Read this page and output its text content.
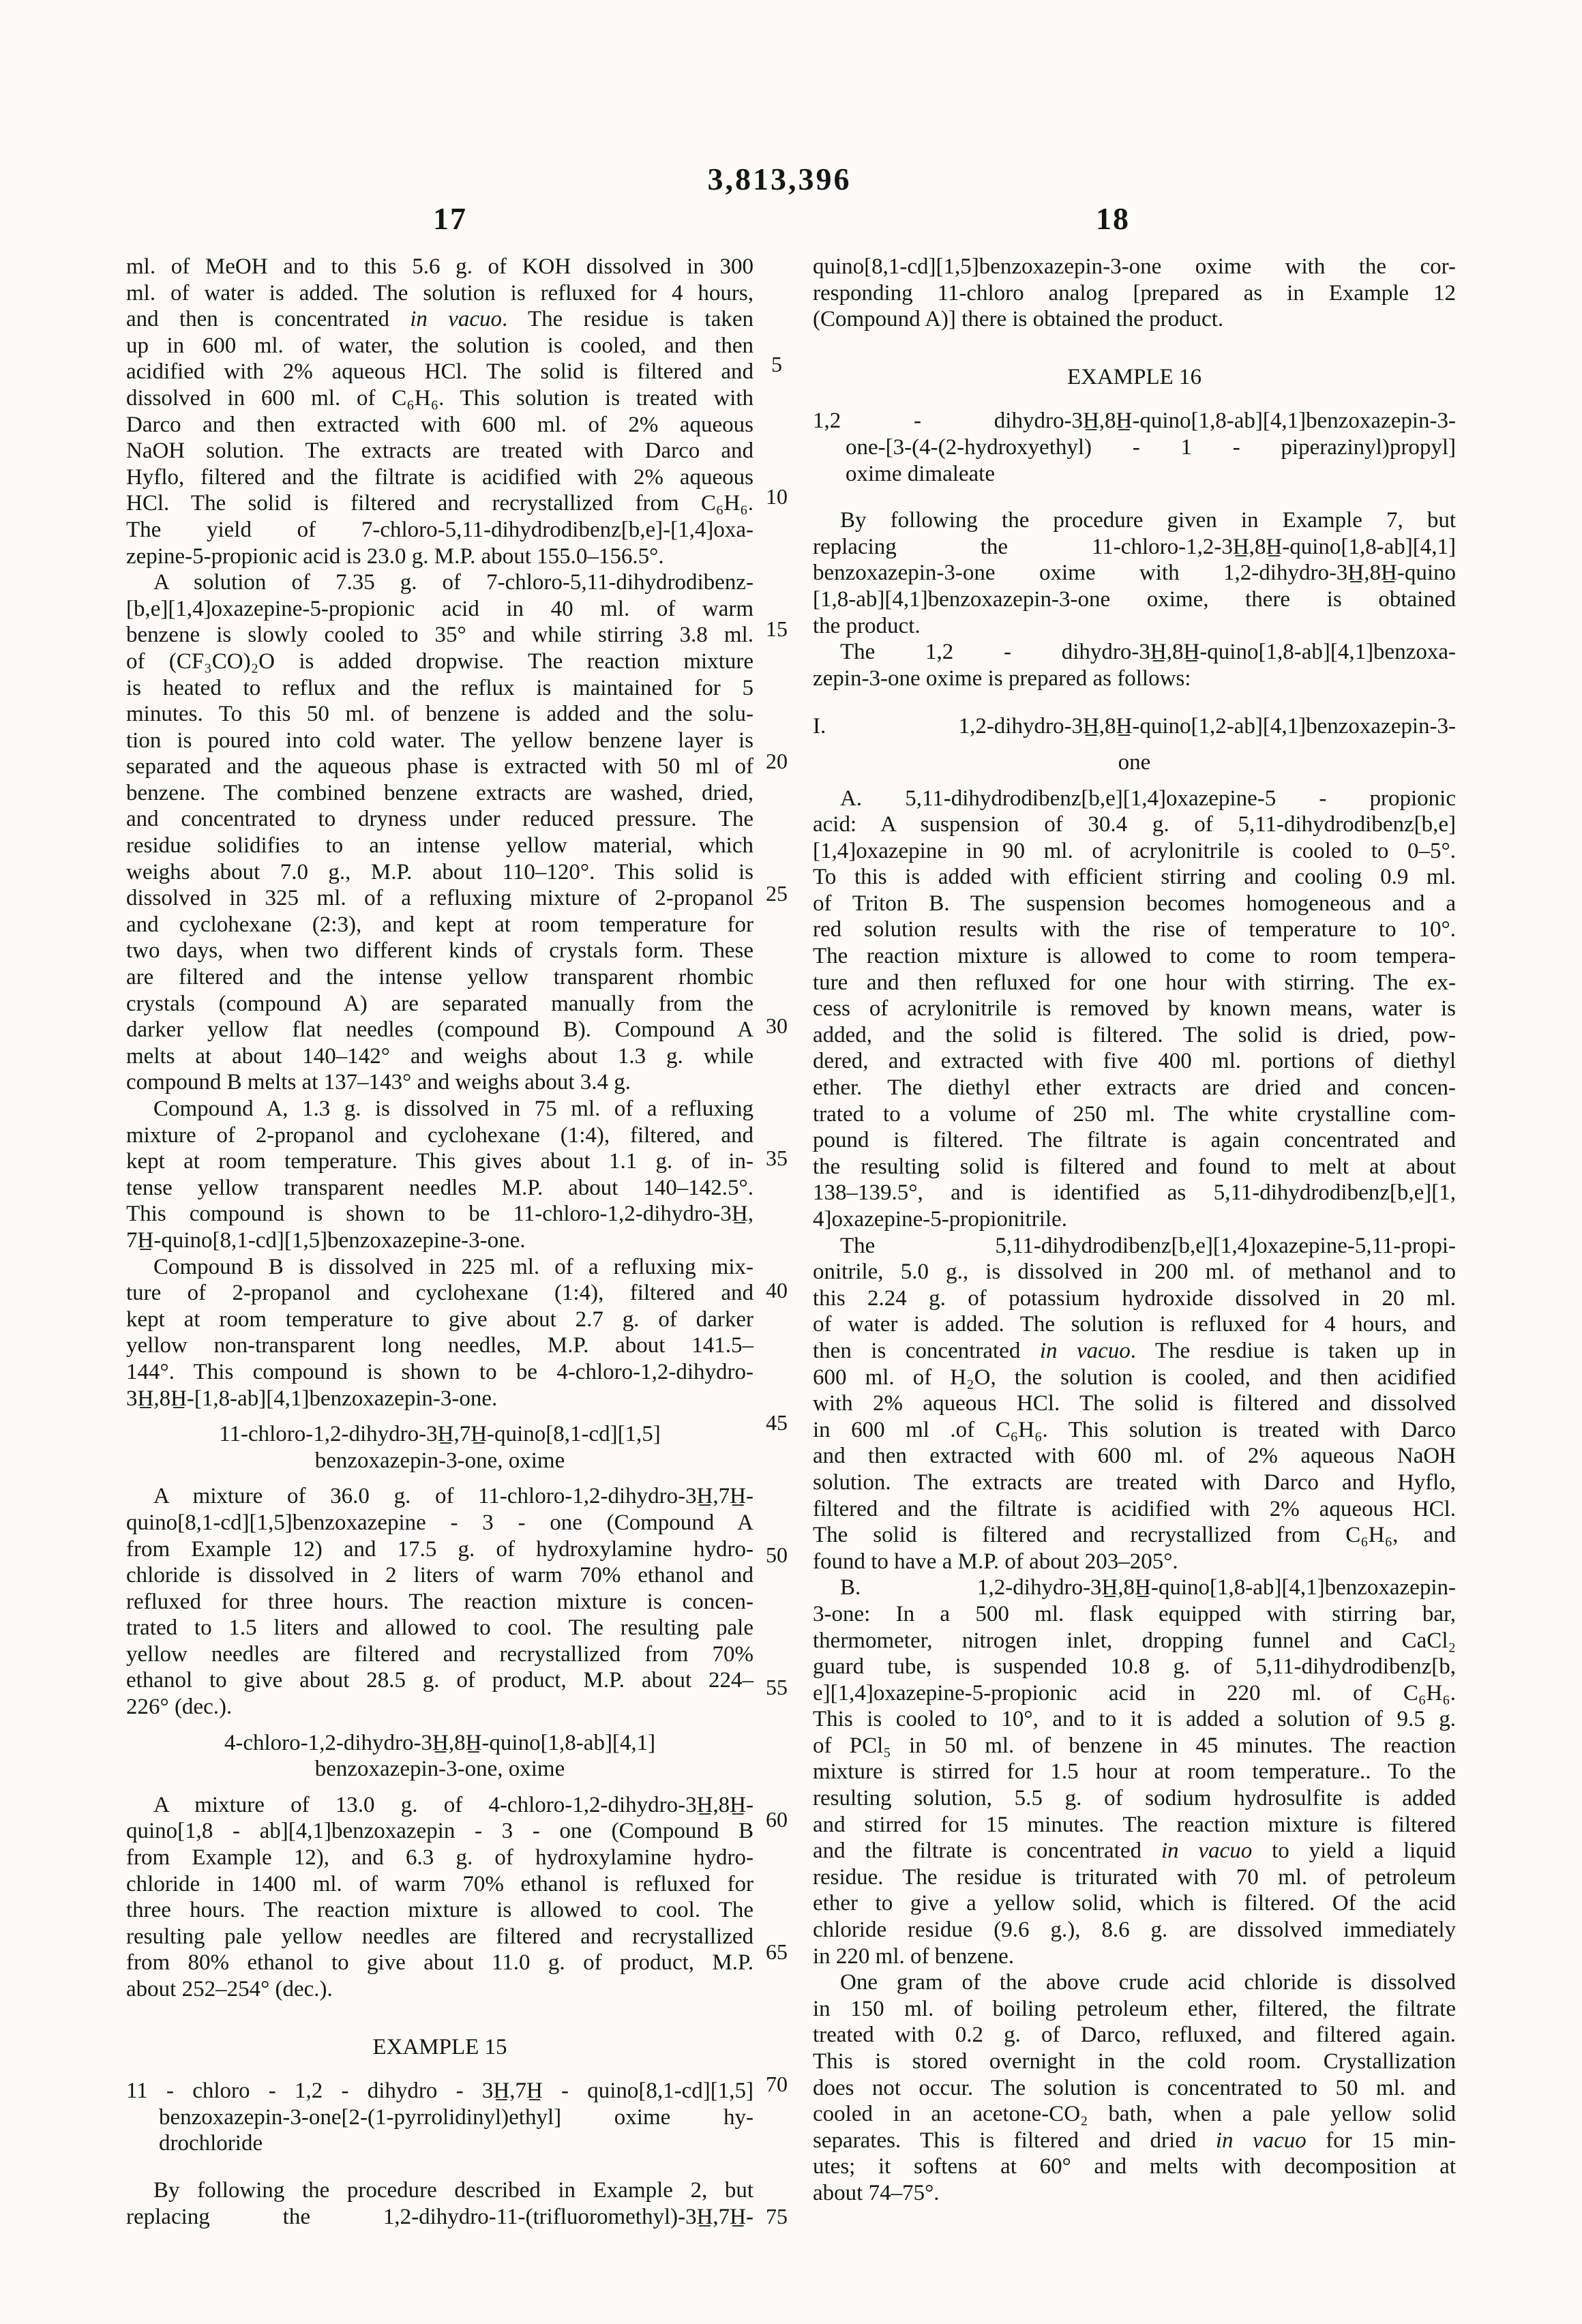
3,813,396
17	18
5
10
15
20
25
30
35
40
45
50
55
60
65
70
75
ml. of MeOH and to this 5.6 g. of KOH dissolved in 300
ml. of water is added. The solution is refluxed for 4 hours,
and then is concentrated in vacuo. The residue is taken
up in 600 ml. of water, the solution is cooled, and then
acidified with 2% aqueous HCl. The solid is filtered and
dissolved in 600 ml. of C₆H₆. This solution is treated with
Darco and then extracted with 600 ml. of 2% aqueous
NaOH solution. The extracts are treated with Darco and
Hyflo, filtered and the filtrate is acidified with 2% aqueous
HCl. The solid is filtered and recrystallized from C₆H₆.
The yield of 7-chloro-5,11-dihydrodibenz[b,e]-[1,4]oxa-
zepine-5-propionic acid is 23.0 g. M.P. about 155.0–156.5°.
A solution of 7.35 g. of 7-chloro-5,11-dihydrodibenz-
[b,e][1,4]oxazepine-5-propionic acid in 40 ml. of warm
benzene is slowly cooled to 35° and while stirring 3.8 ml.
of (CF₃CO)₂O is added dropwise. The reaction mixture
is heated to reflux and the reflux is maintained for 5
minutes. To this 50 ml. of benzene is added and the solu-
tion is poured into cold water. The yellow benzene layer is
separated and the aqueous phase is extracted with 50 ml of
benzene. The combined benzene extracts are washed, dried,
and concentrated to dryness under reduced pressure. The
residue solidifies to an intense yellow material, which
weighs about 7.0 g., M.P. about 110–120°. This solid is
dissolved in 325 ml. of a refluxing mixture of 2-propanol
and cyclohexane (2:3), and kept at room temperature for
two days, when two different kinds of crystals form. These
are filtered and the intense yellow transparent rhombic
crystals (compound A) are separated manually from the
darker yellow flat needles (compound B). Compound A
melts at about 140–142° and weighs about 1.3 g. while
compound B melts at 137–143° and weighs about 3.4 g.
Compound A, 1.3 g. is dissolved in 75 ml. of a refluxing
mixture of 2-propanol and cyclohexane (1:4), filtered, and
kept at room temperature. This gives about 1.1 g. of in-
tense yellow transparent needles M.P. about 140–142.5°.
This compound is shown to be 11-chloro-1,2-dihydro-3H̲,
7H̲-quino[8,1-cd][1,5]benzoxazepine-3-one.
Compound B is dissolved in 225 ml. of a refluxing mix-
ture of 2-propanol and cyclohexane (1:4), filtered and
kept at room temperature to give about 2.7 g. of darker
yellow non-transparent long needles, M.P. about 141.5–
144°. This compound is shown to be 4-chloro-1,2-dihydro-
3H̲,8H̲-[1,8-ab][4,1]benzoxazepin-3-one.
11-chloro-1,2-dihydro-3H̲,7H̲-quino[8,1-cd][1,5]
benzoxazepin-3-one, oxime
A mixture of 36.0 g. of 11-chloro-1,2-dihydro-3H̲,7H̲-
quino[8,1-cd][1,5]benzoxazepine - 3 - one (Compound A
from Example 12) and 17.5 g. of hydroxylamine hydro-
chloride is dissolved in 2 liters of warm 70% ethanol and
refluxed for three hours. The reaction mixture is concen-
trated to 1.5 liters and allowed to cool. The resulting pale
yellow needles are filtered and recrystallized from 70%
ethanol to give about 28.5 g. of product, M.P. about 224–
226° (dec.).
4-chloro-1,2-dihydro-3H̲,8H̲-quino[1,8-ab][4,1]
benzoxazepin-3-one, oxime
A mixture of 13.0 g. of 4-chloro-1,2-dihydro-3H̲,8H̲-
quino[1,8 - ab][4,1]benzoxazepin - 3 - one (Compound B
from Example 12), and 6.3 g. of hydroxylamine hydro-
chloride in 1400 ml. of warm 70% ethanol is refluxed for
three hours. The reaction mixture is allowed to cool. The
resulting pale yellow needles are filtered and recrystallized
from 80% ethanol to give about 11.0 g. of product, M.P.
about 252–254° (dec.).
EXAMPLE 15
11 - chloro - 1,2 - dihydro - 3H̲,7H̲ - quino[8,1-cd][1,5]
benzoxazepin-3-one[2-(1-pyrrolidinyl)ethyl] oxime hy-
drochloride
By following the procedure described in Example 2, but
replacing the 1,2-dihydro-11-(trifluoromethyl)-3H̲,7H̲-
quino[8,1-cd][1,5]benzoxazepin-3-one oxime with the cor-
responding 11-chloro analog [prepared as in Example 12
(Compound A)] there is obtained the product.
EXAMPLE 16
1,2 - dihydro-3H̲,8H̲-quino[1,8-ab][4,1]benzoxazepin-3-
one-[3-(4-(2-hydroxyethyl) - 1 - piperazinyl)propyl]
oxime dimaleate
By following the procedure given in Example 7, but
replacing the 11-chloro-1,2-3H̲,8H̲-quino[1,8-ab][4,1]
benzoxazepin-3-one oxime with 1,2-dihydro-3H̲,8H̲-quino
[1,8-ab][4,1]benzoxazepin-3-one oxime, there is obtained
the product.
The 1,2 - dihydro-3H̲,8H̲-quino[1,8-ab][4,1]benzoxa-
zepin-3-one oxime is prepared as follows:
I. 1,2-dihydro-3H̲,8H̲-quino[1,2-ab][4,1]benzoxazepin-3-
one
A. 5,11-dihydrodibenz[b,e][1,4]oxazepine-5 - propionic
acid: A suspension of 30.4 g. of 5,11-dihydrodibenz[b,e]
[1,4]oxazepine in 90 ml. of acrylonitrile is cooled to 0–5°.
To this is added with efficient stirring and cooling 0.9 ml.
of Triton B. The suspension becomes homogeneous and a
red solution results with the rise of temperature to 10°.
The reaction mixture is allowed to come to room tempera-
ture and then refluxed for one hour with stirring. The ex-
cess of acrylonitrile is removed by known means, water is
added, and the solid is filtered. The solid is dried, pow-
dered, and extracted with five 400 ml. portions of diethyl
ether. The diethyl ether extracts are dried and concen-
trated to a volume of 250 ml. The white crystalline com-
pound is filtered. The filtrate is again concentrated and
the resulting solid is filtered and found to melt at about
138–139.5°, and is identified as 5,11-dihydrodibenz[b,e][1,
4]oxazepine-5-propionitrile.
The 5,11-dihydrodibenz[b,e][1,4]oxazepine-5,11-propi-
onitrile, 5.0 g., is dissolved in 200 ml. of methanol and to
this 2.24 g. of potassium hydroxide dissolved in 20 ml.
of water is added. The solution is refluxed for 4 hours, and
then is concentrated in vacuo. The resdiue is taken up in
600 ml. of H₂O, the solution is cooled, and then acidified
with 2% aqueous HCl. The solid is filtered and dissolved
in 600 ml .of C₆H₆. This solution is treated with Darco
and then extracted with 600 ml. of 2% aqueous NaOH
solution. The extracts are treated with Darco and Hyflo,
filtered and the filtrate is acidified with 2% aqueous HCl.
The solid is filtered and recrystallized from C₆H₆, and
found to have a M.P. of about 203–205°.
B. 1,2-dihydro-3H̲,8H̲-quino[1,8-ab][4,1]benzoxazepin-
3-one: In a 500 ml. flask equipped with stirring bar,
thermometer, nitrogen inlet, dropping funnel and CaCl₂
guard tube, is suspended 10.8 g. of 5,11-dihydrodibenz[b,
e][1,4]oxazepine-5-propionic acid in 220 ml. of C₆H₆.
This is cooled to 10°, and to it is added a solution of 9.5 g.
of PCl₅ in 50 ml. of benzene in 45 minutes. The reaction
mixture is stirred for 1.5 hour at room temperature.. To the
resulting solution, 5.5 g. of sodium hydrosulfite is added
and stirred for 15 minutes. The reaction mixture is filtered
and the filtrate is concentrated in vacuo to yield a liquid
residue. The residue is triturated with 70 ml. of petroleum
ether to give a yellow solid, which is filtered. Of the acid
chloride residue (9.6 g.), 8.6 g. are dissolved immediately
in 220 ml. of benzene.
One gram of the above crude acid chloride is dissolved
in 150 ml. of boiling petroleum ether, filtered, the filtrate
treated with 0.2 g. of Darco, refluxed, and filtered again.
This is stored overnight in the cold room. Crystallization
does not occur. The solution is concentrated to 50 ml. and
cooled in an acetone-CO₂ bath, when a pale yellow solid
separates. This is filtered and dried in vacuo for 15 min-
utes; it softens at 60° and melts with decomposition at
about 74–75°.
